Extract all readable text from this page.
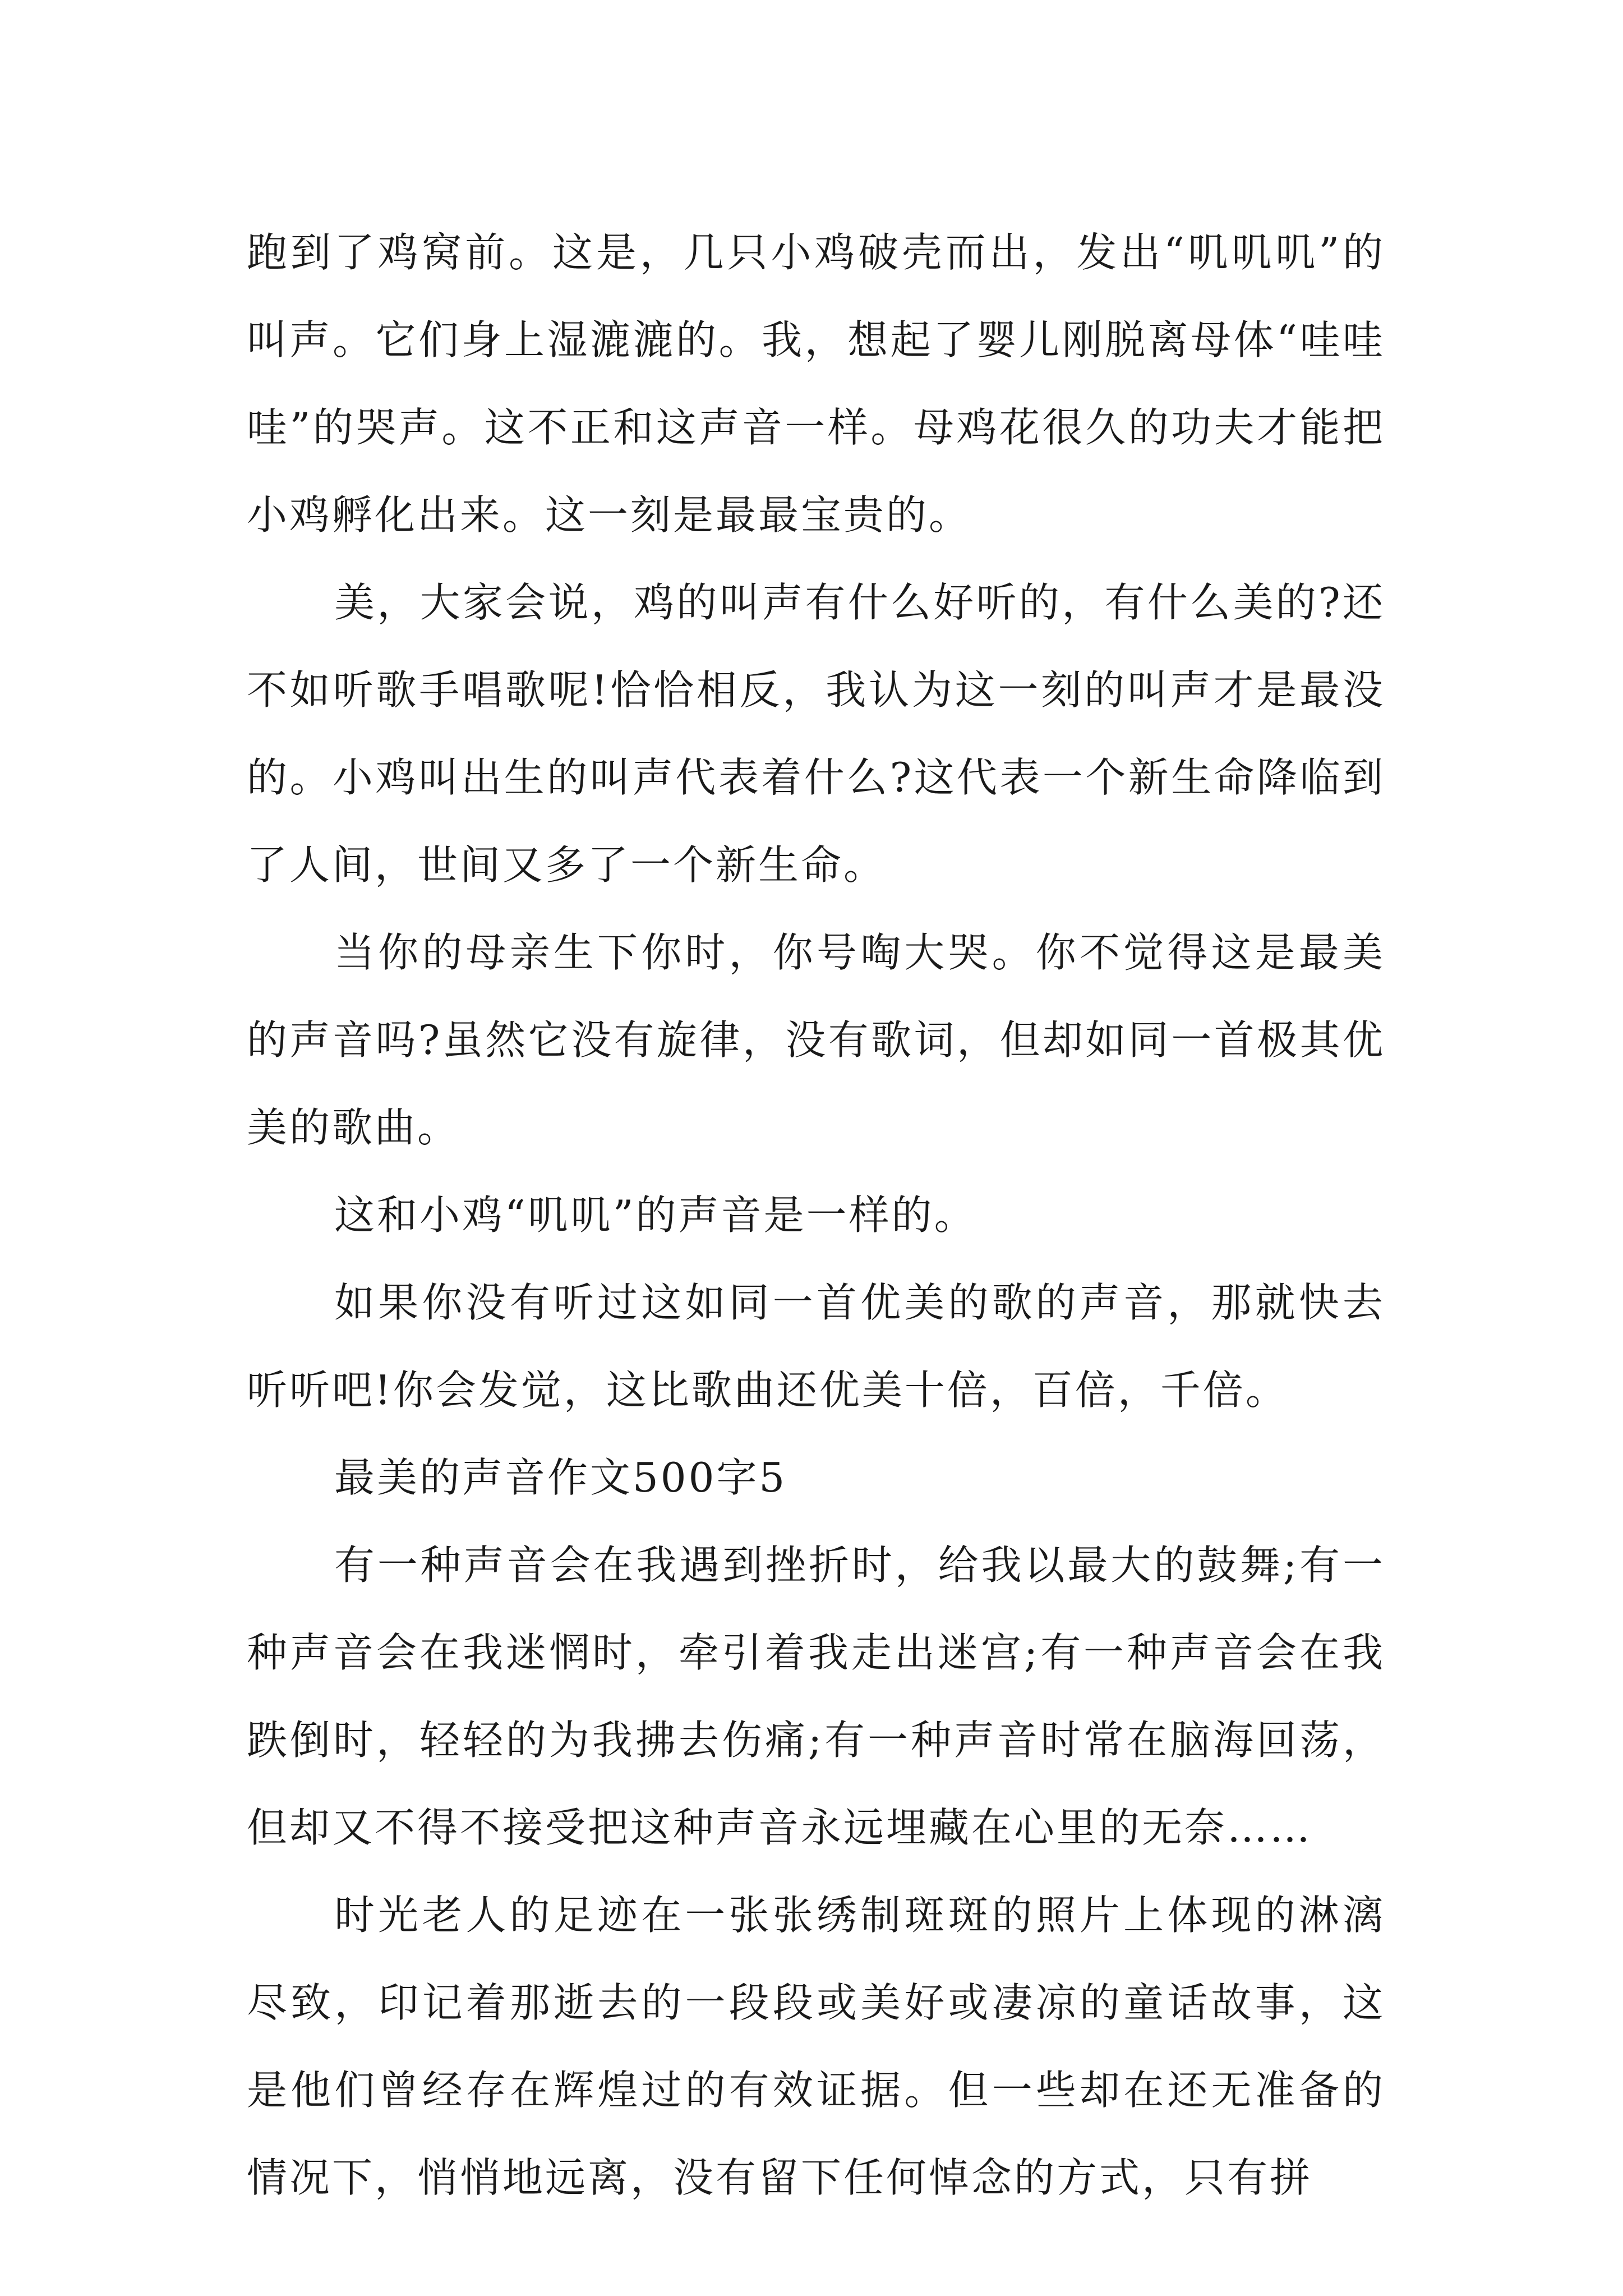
跑到了鸡窝前。这是，几只小鸡破壳而出，发出“叽叽叽”的叫声。它们身上湿漉漉的。我，想起了婴儿刚脱离母体“哇哇哇”的哭声。这不正和这声音一样。母鸡花很久的功夫才能把小鸡孵化出来。这一刻是最最宝贵的。

美，大家会说，鸡的叫声有什么好听的，有什么美的?还不如听歌手唱歌呢!恰恰相反，我认为这一刻的叫声才是最没的。小鸡叫出生的叫声代表着什么?这代表一个新生命降临到了人间，世间又多了一个新生命。

当你的母亲生下你时，你号啕大哭。你不觉得这是最美的声音吗?虽然它没有旋律，没有歌词，但却如同一首极其优美的歌曲。

这和小鸡“叽叽”的声音是一样的。

如果你没有听过这如同一首优美的歌的声音，那就快去听听吧!你会发觉，这比歌曲还优美十倍，百倍，千倍。

最美的声音作文500字5

有一种声音会在我遇到挫折时，给我以最大的鼓舞;有一种声音会在我迷惘时，牵引着我走出迷宫;有一种声音会在我跌倒时，轻轻的为我拂去伤痛;有一种声音时常在脑海回荡，但却又不得不接受把这种声音永远埋藏在心里的无奈……

时光老人的足迹在一张张绣制斑斑的照片上体现的淋漓尽致，印记着那逝去的一段段或美好或凄凉的童话故事，这是他们曾经存在辉煌过的有效证据。但一些却在还无准备的情况下，悄悄地远离，没有留下任何悼念的方式，只有拼
